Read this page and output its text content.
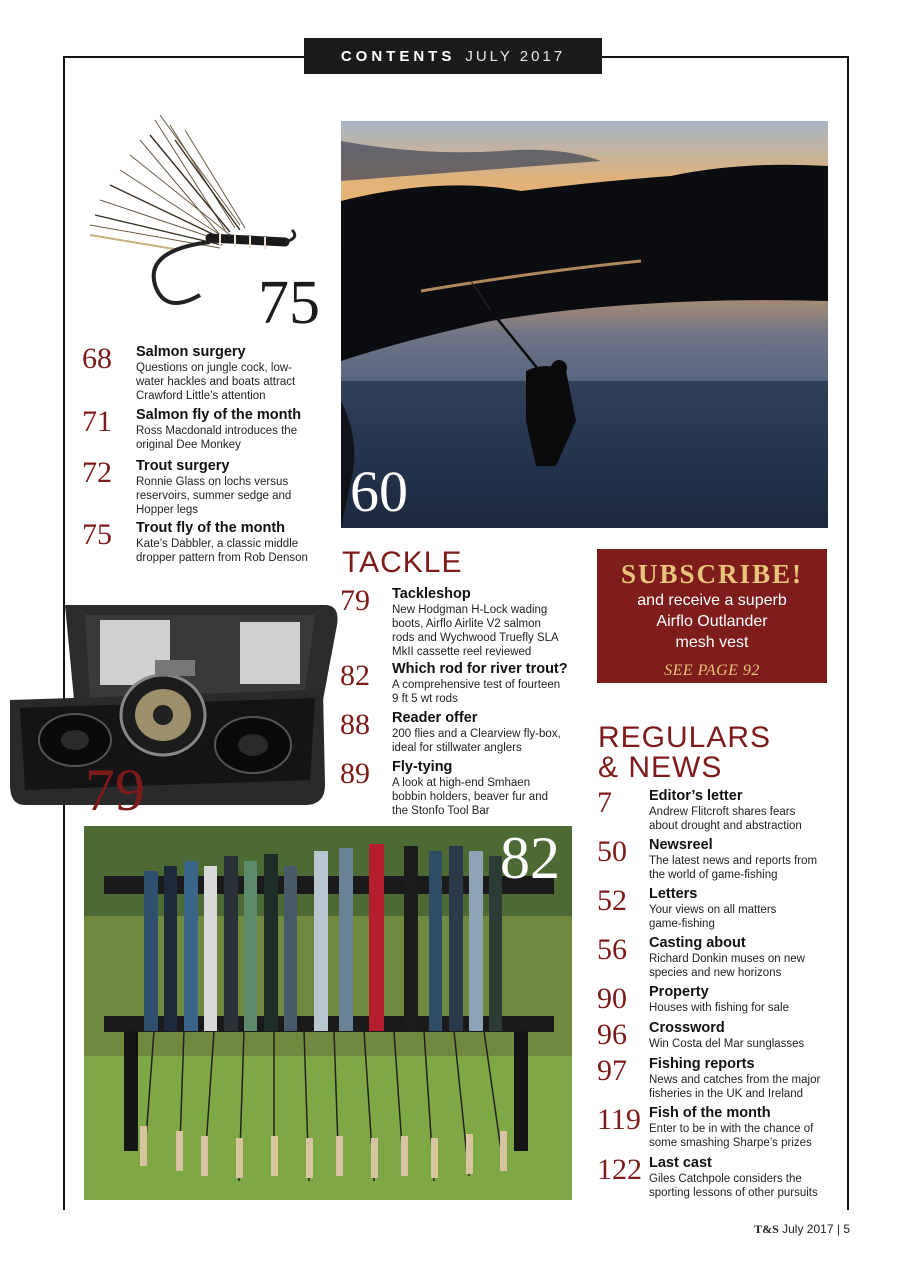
CONTENTS JULY 2017
75
60
68 Salmon surgery
Questions on jungle cock, low-
water hackles and boats attract
Crawford Little’s attention
71 Salmon fly of the month
Ross Macdonald introduces the
original Dee Monkey
72 Trout surgery
Ronnie Glass on lochs versus
reservoirs, summer sedge and
Hopper legs
75 Trout fly of the month
Kate’s Dabbler, a classic middle
dropper pattern from Rob Denson
79
82
TACKLE
79 Tackleshop
New Hodgman H-Lock wading
boots, Airflo Airlite V2 salmon
rods and Wychwood Truefly SLA
MkII cassette reel reviewed
82 Which rod for river trout?
A comprehensive test of fourteen
9 ft 5 wt rods
88 Reader offer
200 flies and a Clearview fly-box,
ideal for stillwater anglers
89 Fly-tying
A look at high-end Smhaen
bobbin holders, beaver fur and
the Stonfo Tool Bar
SUBSCRIBE!
and receive a superb
Airflo Outlander
mesh vest
SEE PAGE 92
REGULARS
& NEWS
7	Editor’s letter
Andrew Flitcroft shares fears
about drought and abstraction
50 Newsreel
The latest news and reports from
the world of game-fishing
52 Letters
Your views on all matters
game-fishing
56 Casting about
Richard Donkin muses on new
species and new horizons
90 Property
Houses with fishing for sale
96 Crossword
Win Costa del Mar sunglasses
97 Fishing reports
News and catches from the major
fisheries in the UK and Ireland
119 Fish of the month
Enter to be in with the chance of
some smashing Sharpe’s prizes
122 Last cast
Giles Catchpole considers the
sporting lessons of other pursuits
T&S July 2017 | 5
